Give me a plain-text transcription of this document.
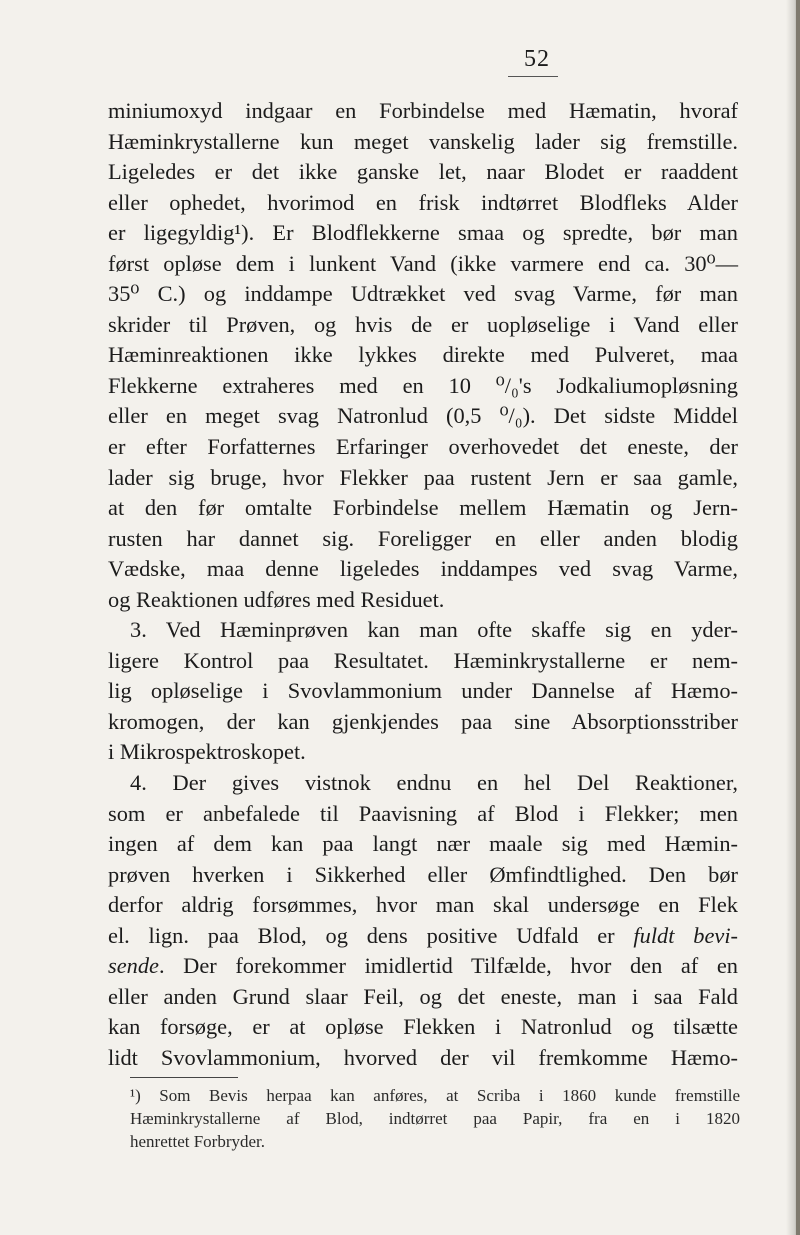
52
miniumoxyd indgaar en Forbindelse med Hæmatin, hvoraf
Hæminkrystallerne kun meget vanskelig lader sig fremstille.
Ligeledes er det ikke ganske let, naar Blodet er raaddent
eller ophedet, hvorimod en frisk indtørret Blodfleks Alder
er ligegyldig¹). Er Blodflekkerne smaa og spredte, bør man
først opløse dem i lunkent Vand (ikke varmere end ca. 30⁰—
35⁰ C.) og inddampe Udtrækket ved svag Varme, før man
skrider til Prøven, og hvis de er uopløselige i Vand eller
Hæminreaktionen ikke lykkes direkte med Pulveret, maa
Flekkerne extraheres med en 10 ⁰/₀'s Jodkaliumopløsning
eller en meget svag Natronlud (0,5 ⁰/₀). Det sidste Middel
er efter Forfatternes Erfaringer overhovedet det eneste, der
lader sig bruge, hvor Flekker paa rustent Jern er saa gamle,
at den før omtalte Forbindelse mellem Hæmatin og Jern-
rusten har dannet sig. Foreligger en eller anden blodig
Vædske, maa denne ligeledes inddampes ved svag Varme,
og Reaktionen udføres med Residuet.
3. Ved Hæminprøven kan man ofte skaffe sig en yder-
ligere Kontrol paa Resultatet. Hæminkrystallerne er nem-
lig opløselige i Svovlammonium under Dannelse af Hæmo-
kromogen, der kan gjenkjendes paa sine Absorptionsstriber
i Mikrospektroskopet.
4. Der gives vistnok endnu en hel Del Reaktioner,
som er anbefalede til Paavisning af Blod i Flekker; men
ingen af dem kan paa langt nær maale sig med Hæmin-
prøven hverken i Sikkerhed eller Ømfindtlighed. Den bør
derfor aldrig forsømmes, hvor man skal undersøge en Flek
el. lign. paa Blod, og dens positive Udfald er fuldt bevi-
sende. Der forekommer imidlertid Tilfælde, hvor den af en
eller anden Grund slaar Feil, og det eneste, man i saa Fald
kan forsøge, er at opløse Flekken i Natronlud og tilsætte
lidt Svovlammonium, hvorved der vil fremkomme Hæmo-
¹) Som Bevis herpaa kan anføres, at Scriba i 1860 kunde fremstille
Hæminkrystallerne af Blod, indtørret paa Papir, fra en i 1820
henrettet Forbryder.
